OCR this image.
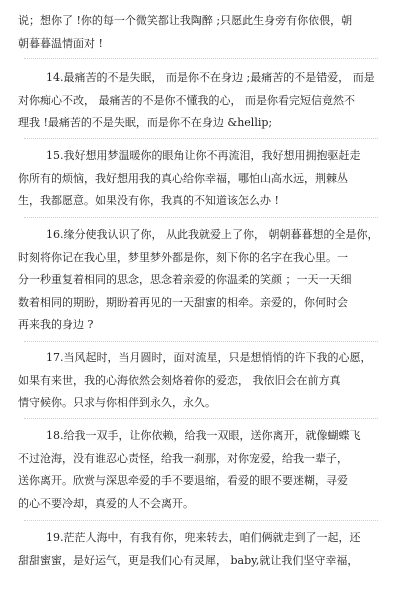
说；想你了 !你的每一个微笑都让我陶醉 ;只愿此生身旁有你依偎，朝
朝暮暮温情面对 !
14.最痛苦的不是失眠， 而是你不在身边 ;最痛苦的不是错爱， 而是
对你痴心不改， 最痛苦的不是你不懂我的心， 而是你看完短信竟然不
理我 !最痛苦的不是失眠，而是你不在身边 &hellip;
15.我好想用梦温暖你的眼角让你不再流泪，我好想用拥抱驱赶走
你所有的烦恼，我好想用我的真心给你幸福，哪怕山高水远，荆棘丛
生，我都愿意。如果没有你，我真的不知道该怎么办 !
16.缘分使我认识了你， 从此我就爱上了你， 朝朝暮暮想的全是你，
时刻将你记在我心里，梦里梦外都是你，刻下你的名字在我心里。一
分一秒重复着相同的思念，思念着亲爱的你温柔的笑颜 ；一天一天细
数着相同的期盼，期盼着再见的一天甜蜜的相牵。亲爱的，你何时会
再来我的身边 ?
17.当风起时，当月圆时，面对流星，只是想悄悄的许下我的心愿，
如果有来世，我的心海依然会刻烙着你的爱恋， 我依旧会在前方真
情守候你。只求与你相伴到永久，永久。
18.给我一双手，让你依赖，给我一双眼，送你离开，就像蝴蝶飞
不过沧海，没有谁忍心责怪，给我一刹那，对你宠爱，给我一辈子，
送你离开。欣赏与深思牵爱的手不要退缩，看爱的眼不要迷糊，寻爱
的心不要冷却，真爱的人不会离开。
19.茫茫人海中，有我有你，兜来转去，咱们俩就走到了一起，还
甜甜蜜蜜，是好运气，更是我们心有灵犀， baby,就让我们坚守幸福，
